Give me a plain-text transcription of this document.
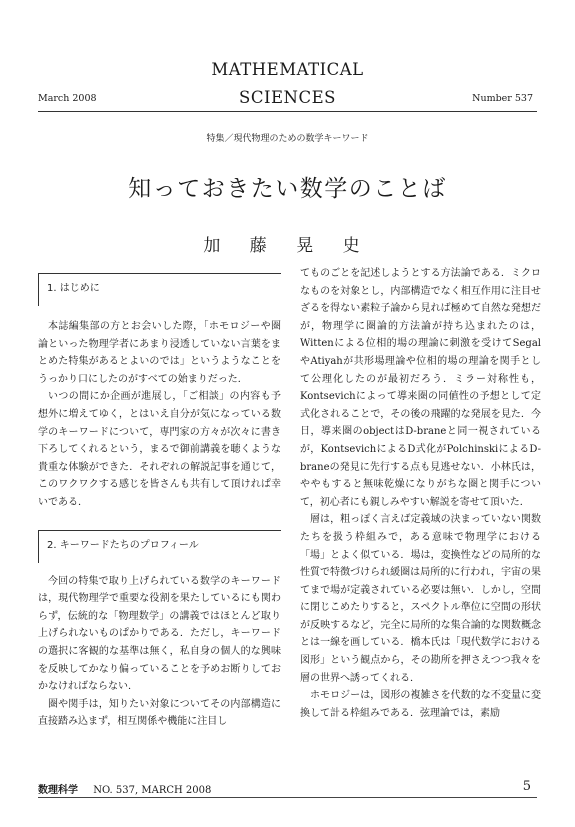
March 2008
MATHEMATICAL
SCIENCES	Number 537
特集／現代物理のための数学キーワード
知っておきたい数学のことば
加 藤 晃 史
1. はじめに

本誌編集部の方とお会いした際，「ホモロジーや圏論といった物理学者にあまり浸透していない言葉をまとめた特集があるとよいのでは」というようなことをうっかり口にしたのがすべての始まりだった．

いつの間にか企画が進展し，「ご相談」の内容も予想外に増えてゆく，とはいえ自分が気になっている数学のキーワードについて，専門家の方々が次々に書き下ろしてくれるという，まるで御前講義を聴くような貴重な体験ができた．それぞれの解説記事を通じて，このワクワクする感じを皆さんも共有して頂けれぱ幸いである．

2. キーワードたちのプロフィール

今回の特集で取り上げられている数学のキーワードは，現代物理学で重要な役割を果たしているにも関わらず，伝統的な「物理数学」の講義ではほとんど取り上げられないものぱかりである．ただし，キーワードの選択に客観的な基準は無く，私自身の個人的な興味を反映してかなり偏っていることを予めお断りしておかなければならない．

圏や関手は，知りたい対象についてその内部構造に直接踏み込まず，相互関係や機能に注目し

てものごとを記述しようとする方法論である．ミクロなものを対象とし，内部構造でなく相互作用に注目せざるを得ない素粒子論から見れば極めて自然な発想だが，物理学に圏論的方法論が持ち込まれたのは，Wittenによる位相的場の理論に刺激を受けてSegalやAtiyahが共形場理論や位相的場の理論を関手として公理化したのが最初だろう．ミラー対称性も，Kontsevichによって導来圏の同値性の予想として定式化されることで，その後の飛躍的な発展を見た．今日，導来圏のobjectはD-braneと同一視されているが，KontsevichによるD式化がPolchinskiによるD-braneの発見に先行する点も見逃せない．小林氏は，ややもすると無味乾燥になりがちな圏と関手について，初心者にも親しみやすい解説を寄せて頂いた．

層は，粗っぽく言えば定義域の決まっていない関数たちを扱う枠組みで，ある意味で物理学における「場」とよく似ている．場は，変換性などの局所的な性質で特徴づけられ緩圏は局所的に行われ，宇宙の果てまで場が定義されている必要は無い．しかし，空間に閉じこめたりすると，スペクトル準位に空間の形状が反映するなど，完全に局所的な集合論的な関数概念とは一線を画している．橋本氏は「現代数学における図形」という観点から，その勘所を押さえつつ我々を層の世界へ誘ってくれる．

ホモロジーは，図形の複雑さを代数的な不変量に変換して計る枠組みである．弦理論では，素励

数理科学 NO. 537, MARCH 2008	5
